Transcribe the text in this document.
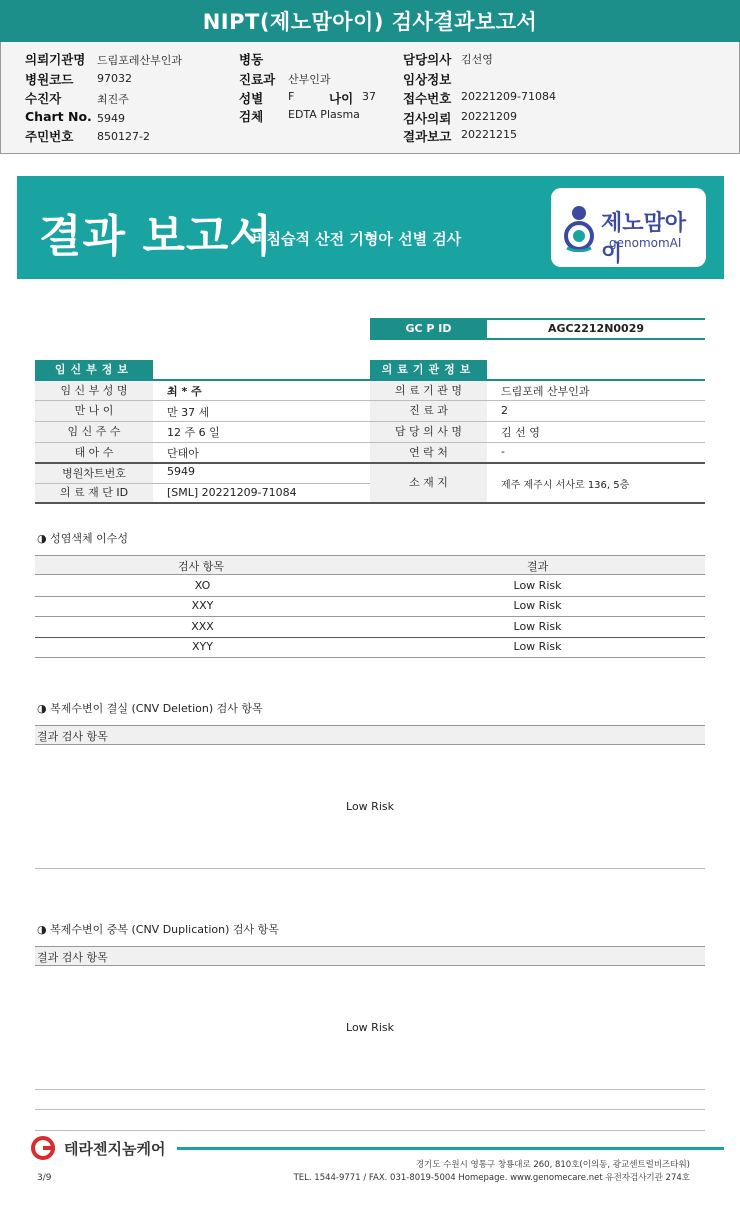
NIPT(제노맘아이) 검사결과보고서
의뢰기관명 드림포레산부인과
병원코드 97032
수진자	최진주
Chart No. 5949
주민번호 850127-2
병동
진료과 산부인과
성별 F	나이 37
검체 EDTA Plasma
담당의사 김선영
임상정보
접수번호 20221209-71084
검사의뢰 20221209
결과보고 20221215
결과 보고서
비침습적 산전 기형아 선별 검사
제노맘아이
genomomAI
GC P ID	AGC2212N0029
임신부정보
임 신 부 성 명	최 * 주
만 나 이	만 37 세
임 신 주 수	12 주 6 일
태 아 수	단태아
병원차트번호	5949
의 료 재 단 ID	[SML] 20221209-71084
의료기관정보
의 료 기 관 명	드림포레 산부인과
진 료 과	2
담 당 의 사 명	김 선 영
연 락 처	-
소 재 지	제주 제주시 서사로 136, 5층
◑ 성염색체 이수성
검사 항목	결과
XO	Low Risk
XXY	Low Risk
XXX	Low Risk
XYY	Low Risk
◑ 복제수변이 결실 (CNV Deletion) 검사 항목
결과 검사 항목
Low Risk
◑ 복제수변이 중복 (CNV Duplication) 검사 항목
결과 검사 항목
Low Risk
테라젠지놈케어
경기도 수원시 영통구 창룡대로 260, 810호(이의동, 광교센트럴비즈타워)
TEL. 1544-9771 / FAX. 031-8019-5004 Homepage. www.genomecare.net 유전자검사기관 274호
3/9
